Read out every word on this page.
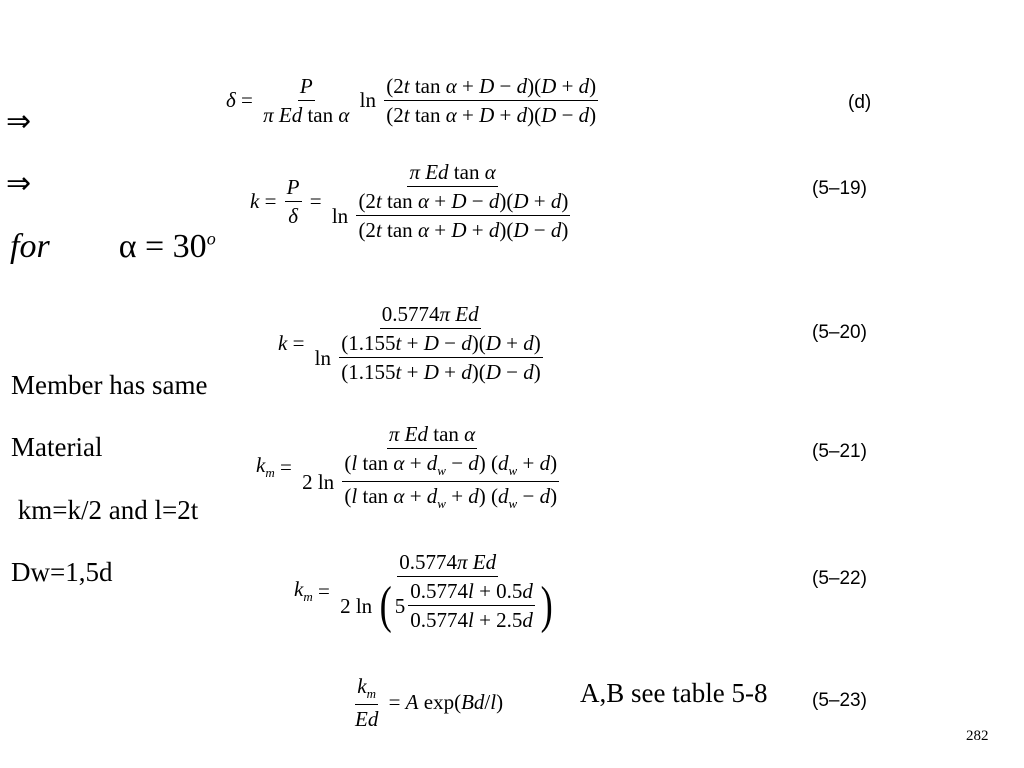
⇒
⇒
for $\alpha = 30^o$
Member has same
Material
km=k/2 and l=2t
Dw=1,5d
$\delta = \frac{P}{\text{π Ed tan α}}$ $\ln \frac{\text{(2t tan α + D − d)(D + d)}}{\text{(2t tan α + D + d)(D − d)}}$	(d)
$k = \frac{P}{\delta} = \frac{\text{π Ed tan α}}{\ln \frac{\text{(2t tan α + D − d)(D + d)}}{\text{(2t tan α + D + d)(D − d)}}}$	(5–19)
$k = \frac{\text{0.5774π Ed}}{\ln \frac{(1.155t + D - d)(D + d)}{(1.155t + D + d)(D - d)}}$	(5–20)
$k_m = \frac{\text{π Ed tan α}}{2 \ln \frac{(l \tan \alpha + d_w - d) (d_w + d)}{(l \tan \alpha + d_w + d) (d_w - d)}}$	(5–21)
$k_m = \frac{\text{0.5774π Ed}}{2 \ln ( 5 \frac{0.5774l + 0.5d}{0.5774l + 2.5d} )}$	(5–22)
$\frac{k_m}{Ed} = A$ exp( Bd / l )	(5–23)
A,B see table 5-8
282
